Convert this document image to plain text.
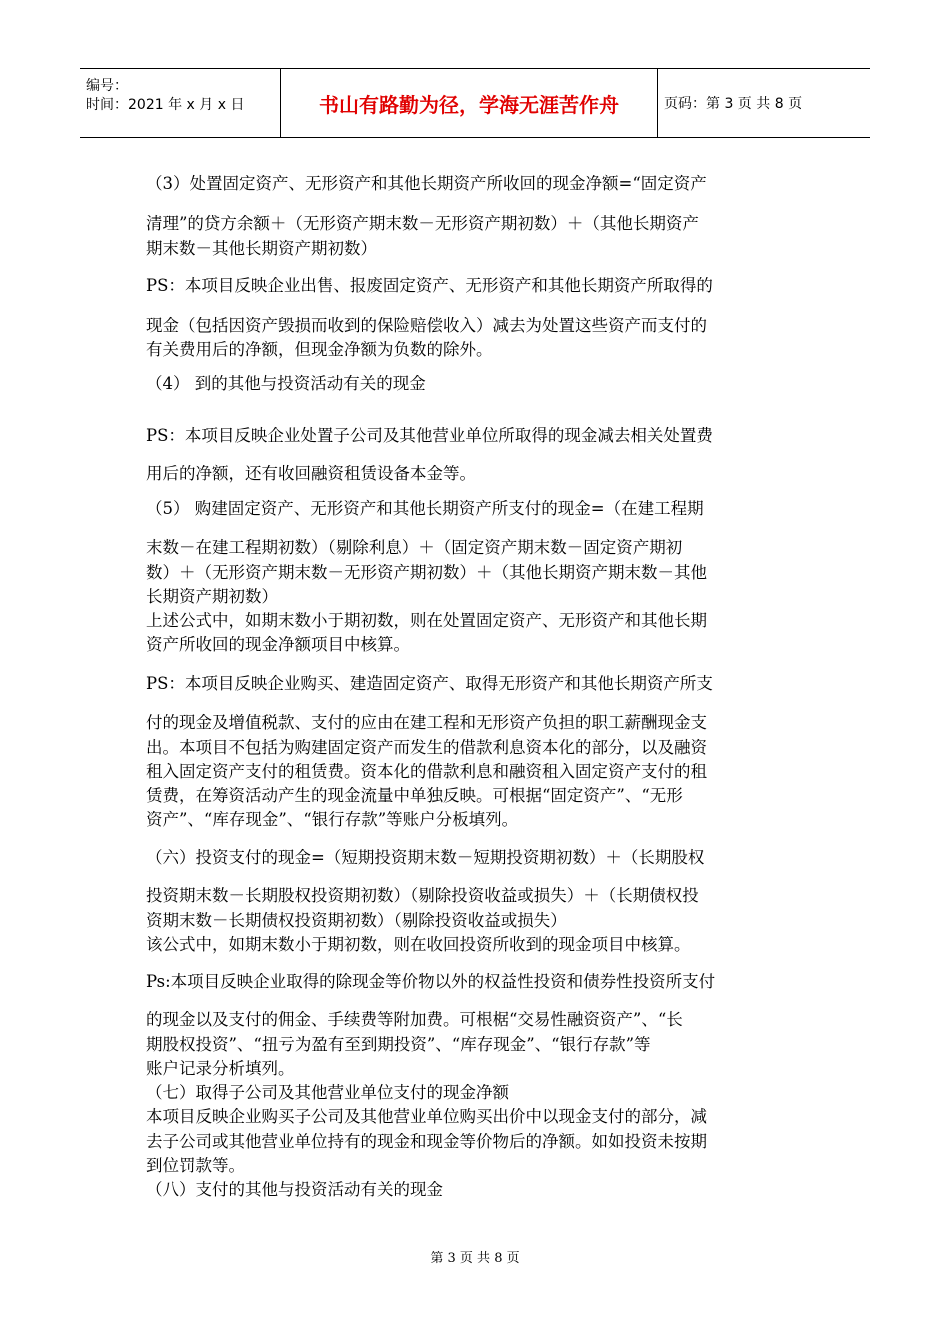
编号：
时间：2021 年 x 月 x 日	书山有路勤为径，学海无涯苦作舟	页码：第 3 页 共 8 页
（3）处置固定资产、无形资产和其他长期资产所收回的现金净额=“固定资产
清理”的贷方余额＋（无形资产期末数－无形资产期初数）＋（其他长期资产
期末数－其他长期资产期初数）
PS：本项目反映企业出售、报废固定资产、无形资产和其他长期资产所取得的
现金（包括因资产毁损而收到的保险赔偿收入）减去为处置这些资产而支付的
有关费用后的净额，但现金净额为负数的除外。
（4） 到的其他与投资活动有关的现金
PS：本项目反映企业处置子公司及其他营业单位所取得的现金减去相关处置费
用后的净额，还有收回融资租赁设备本金等。
（5） 购建固定资产、无形资产和其他长期资产所支付的现金=（在建工程期
末数－在建工程期初数）（剔除利息）＋（固定资产期末数－固定资产期初
数）＋（无形资产期末数－无形资产期初数）＋（其他长期资产期末数－其他
长期资产期初数）
上述公式中，如期末数小于期初数，则在处置固定资产、无形资产和其他长期
资产所收回的现金净额项目中核算。
PS：本项目反映企业购买、建造固定资产、取得无形资产和其他长期资产所支
付的现金及增值税款、支付的应由在建工程和无形资产负担的职工薪酬现金支
出。本项目不包括为购建固定资产而发生的借款利息资本化的部分，以及融资
租入固定资产支付的租赁费。资本化的借款利息和融资租入固定资产支付的租
赁费，在筹资活动产生的现金流量中单独反映。可根据“固定资产”、“无形
资产”、“库存现金”、“银行存款”等账户分板填列。
（六）投资支付的现金=（短期投资期末数－短期投资期初数）＋（长期股权
投资期末数－长期股权投资期初数）（剔除投资收益或损失）＋（长期债权投
资期末数－长期债权投资期初数）（剔除投资收益或损失）
该公式中，如期末数小于期初数，则在收回投资所收到的现金项目中核算。
Ps:本项目反映企业取得的除现金等价物以外的权益性投资和债券性投资所支付
的现金以及支付的佣金、手续费等附加费。可根椐“交易性融资资产”、“长
期股权投资”、“扭亏为盈有至到期投资”、“库存现金”、“银行存款”等
账户记录分析填列。
（七）取得子公司及其他营业单位支付的现金净额
本项目反映企业购买子公司及其他营业单位购买出价中以现金支付的部分，减
去子公司或其他营业单位持有的现金和现金等价物后的净额。如如投资未按期
到位罚款等。
（八）支付的其他与投资活动有关的现金
第 3 页 共 8 页
